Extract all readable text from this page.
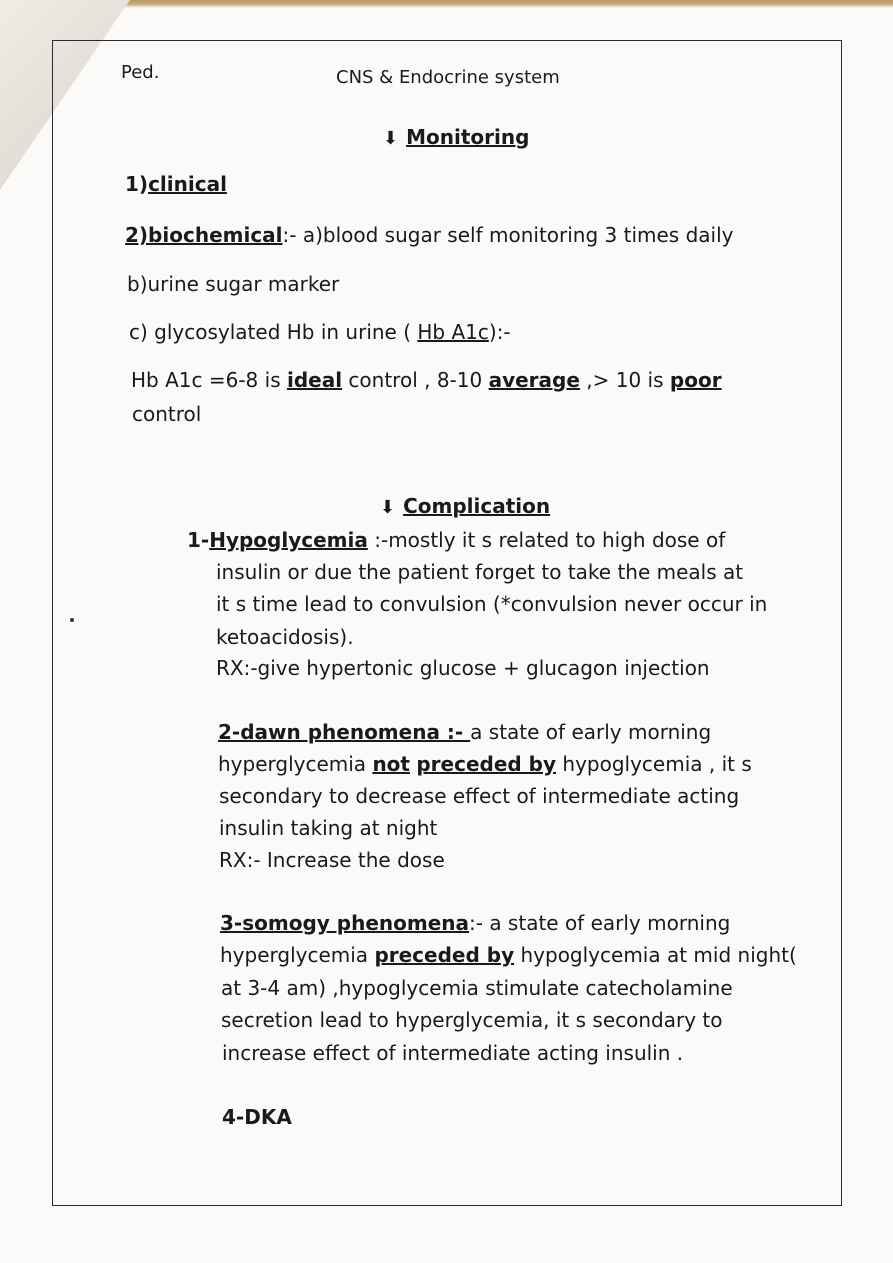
Ped.	CNS & Endocrine system
⬇ Monitoring
1)clinical
2)biochemical:- a)blood sugar self monitoring 3 times daily
b)urine sugar marker
c) glycosylated Hb in urine ( Hb A1c):-
Hb A1c =6-8 is ideal control , 8-10 average ,> 10 is poor
control
⬇ Complication
1-Hypoglycemia :-mostly it s related to high dose of
insulin or due the patient forget to take the meals at
it s time lead to convulsion (*convulsion never occur in
ketoacidosis).
RX:-give hypertonic glucose + glucagon injection
2-dawn phenomena :- a state of early morning
hyperglycemia not preceded by hypoglycemia , it s
secondary to decrease effect of intermediate acting
insulin taking at night
RX:- Increase the dose
3-somogy phenomena:- a state of early morning
hyperglycemia preceded by hypoglycemia at mid night(
at 3-4 am) ,hypoglycemia stimulate catecholamine
secretion lead to hyperglycemia, it s secondary to
increase effect of intermediate acting insulin .
4-DKA
